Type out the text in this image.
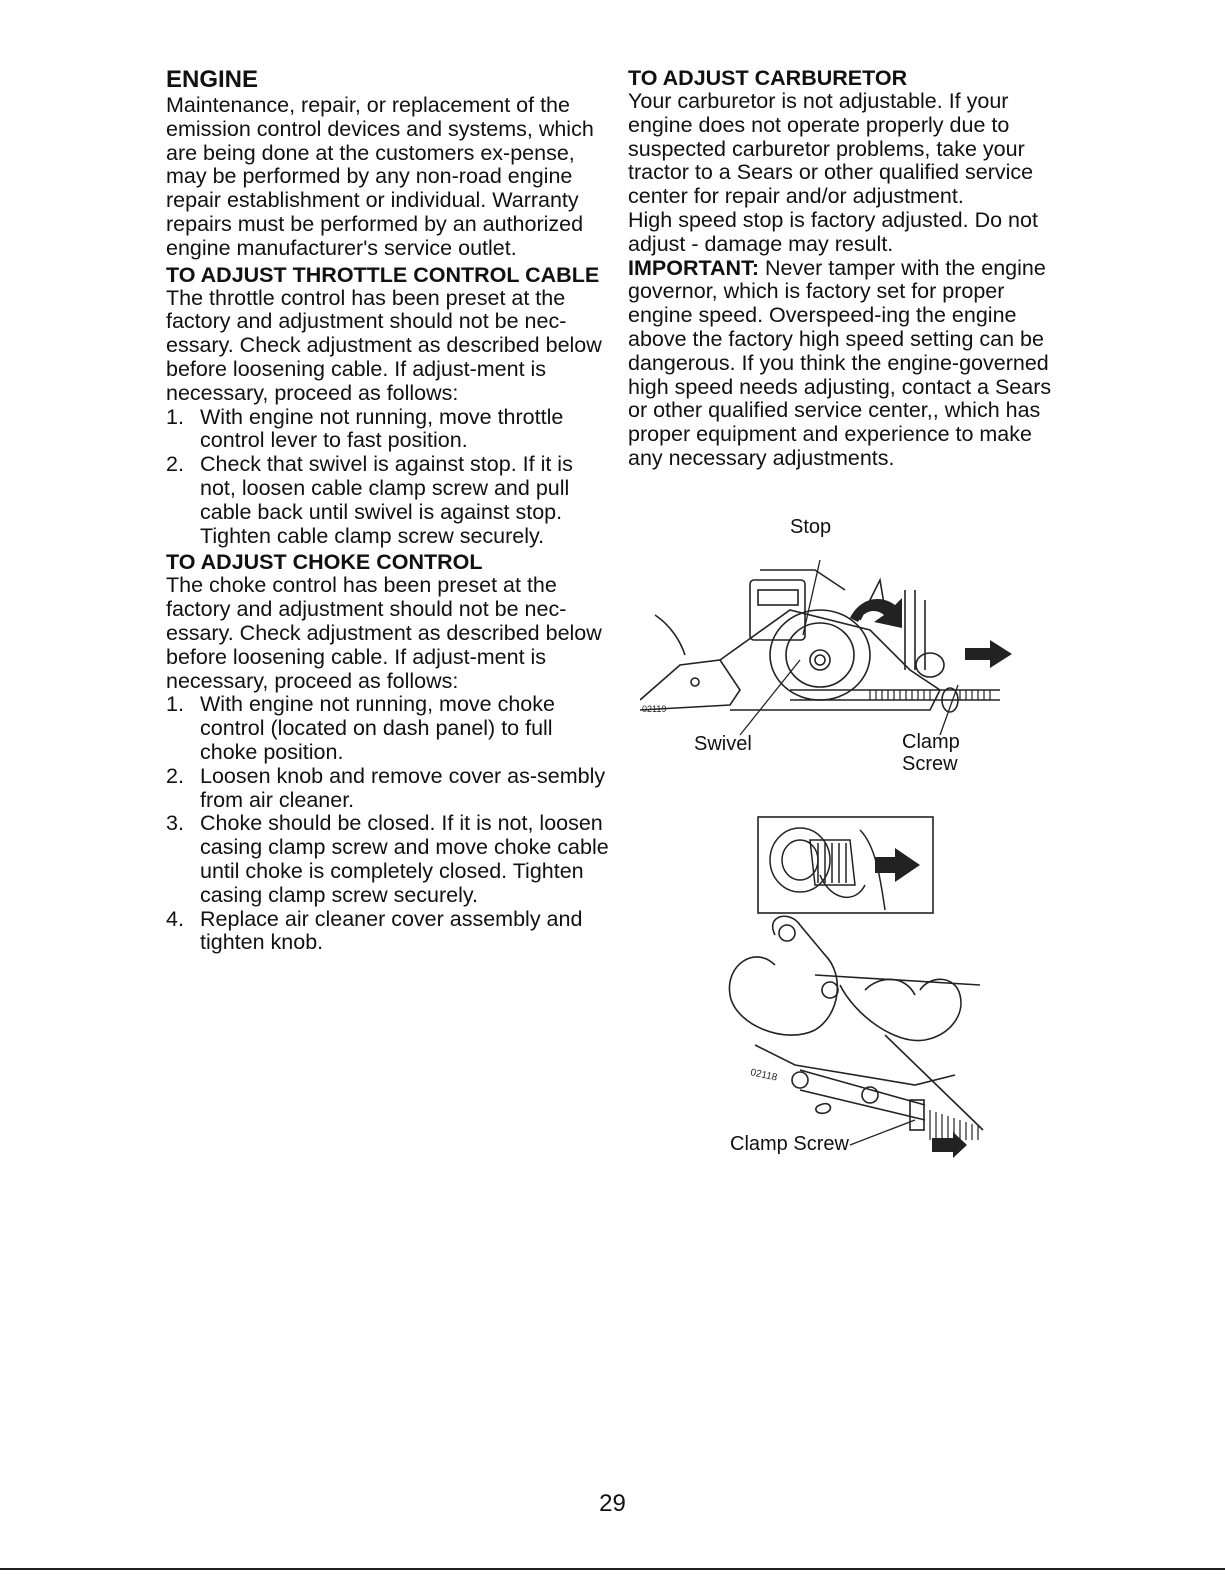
ENGINE

Maintenance, repair, or replacement of the emission control devices and systems, which are being done at the customers ex-pense, may be performed by any non-road engine repair establishment or individual. Warranty repairs must be performed by an authorized engine manufacturer's service outlet.

TO ADJUST THROTTLE CONTROL CABLE

The throttle control has been preset at the factory and adjustment should not be nec-essary. Check adjustment as described below before loosening cable. If adjust-ment is necessary, proceed as follows:

1. With engine not running, move throttle control lever to fast position.
2. Check that swivel is against stop. If it is not, loosen cable clamp screw and pull cable back until swivel is against stop. Tighten cable clamp screw securely.
TO ADJUST CHOKE CONTROL

The choke control has been preset at the factory and adjustment should not be nec-essary. Check adjustment as described below before loosening cable. If adjust-ment is necessary, proceed as follows:

1. With engine not running, move choke control (located on dash panel) to full choke position.
2. Loosen knob and remove cover as-sembly from air cleaner.
3. Choke should be closed. If it is not, loosen casing clamp screw and move choke cable until choke is completely closed. Tighten casing clamp screw securely.
4. Replace air cleaner cover assembly and tighten knob.
TO ADJUST CARBURETOR

Your carburetor is not adjustable. If your engine does not operate properly due to suspected carburetor problems, take your tractor to a Sears or other qualified service center for repair and/or adjustment.

High speed stop is factory adjusted. Do not adjust - damage may result.

IMPORTANT: Never tamper with the engine governor, which is factory set for proper engine speed. Overspeed-ing the engine above the factory high speed setting can be dangerous. If you think the engine-governed high speed needs adjusting, contact a Sears or other qualified service center,, which has proper equipment and experience to make any necessary adjustments.

02119
Stop
Swivel	Clamp
Screw
02118
Clamp Screw
29
